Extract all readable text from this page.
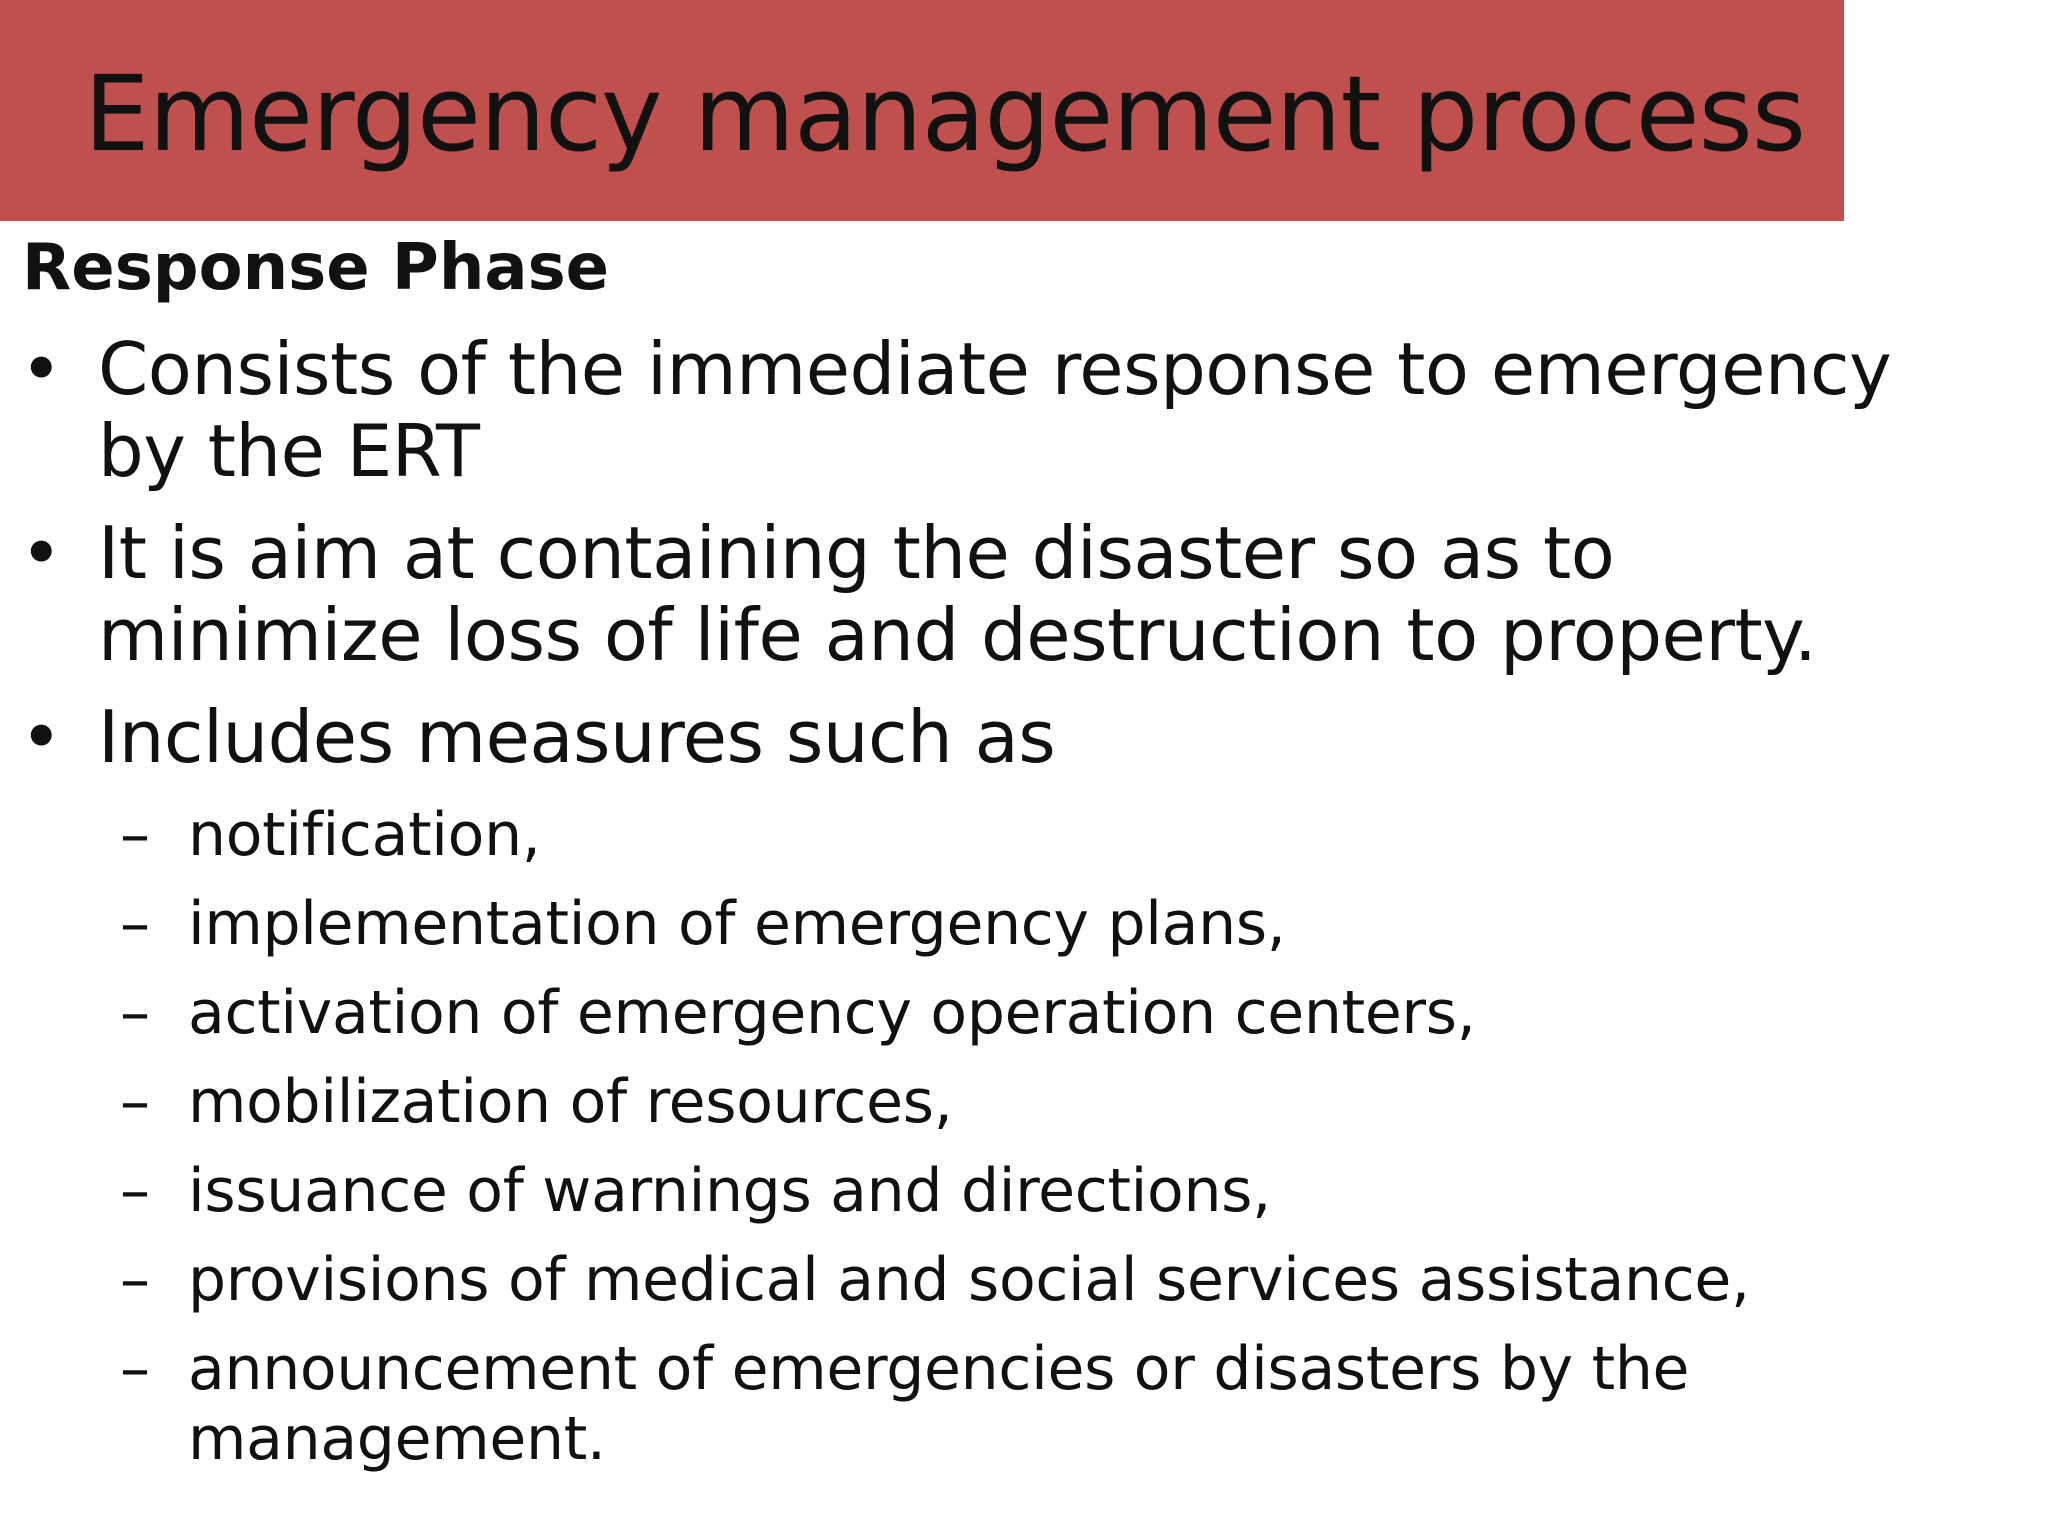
Emergency management process
Response Phase
• Consists of the immediate response to emergency by the ERT
• It is aim at containing the disaster so as to minimize loss of life and destruction to property.
• Includes measures such as
– notification,
– implementation of emergency plans,
– activation of emergency operation centers,
– mobilization of resources,
– issuance of warnings and directions,
– provisions of medical and social services assistance,
– announcement of emergencies or disasters by the management.
